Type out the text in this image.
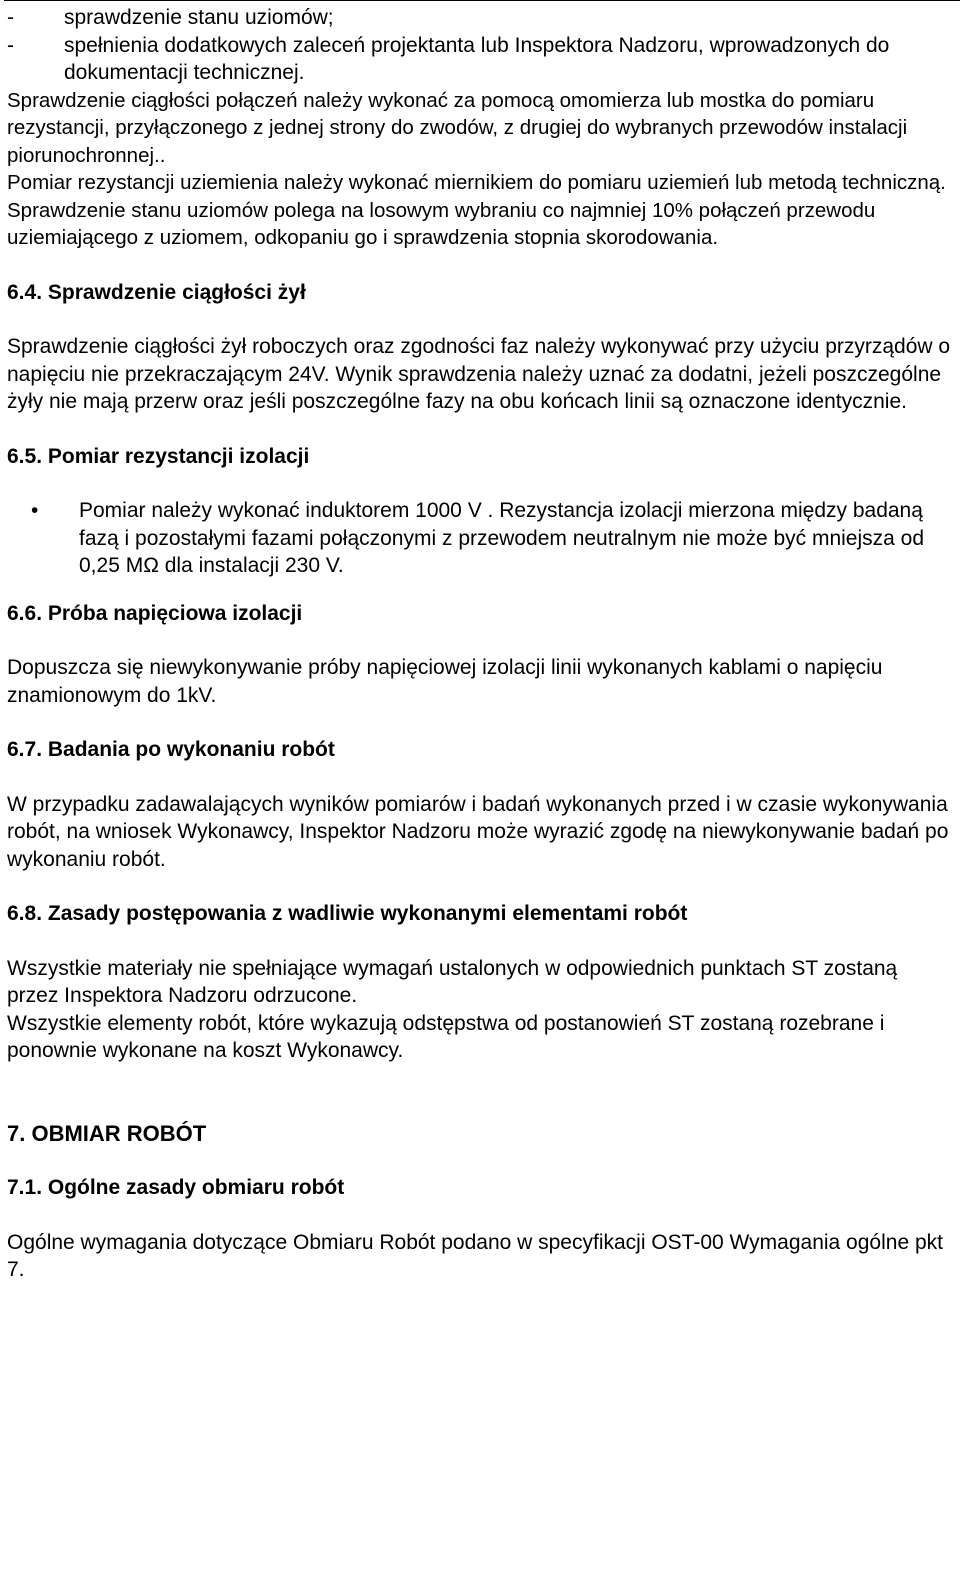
-	sprawdzenie stanu uziomów;
-	spełnienia dodatkowych zaleceń projektanta lub Inspektora Nadzoru, wprowadzonych do dokumentacji technicznej.

Sprawdzenie ciągłości połączeń należy wykonać za pomocą omomierza lub mostka do pomiaru rezystancji, przyłączonego z jednej strony do zwodów, z drugiej do wybranych przewodów instalacji piorunochronnej..

Pomiar rezystancji uziemienia należy wykonać miernikiem do pomiaru uziemień lub metodą techniczną.

Sprawdzenie stanu uziomów polega na losowym wybraniu co najmniej 10% połączeń przewodu uziemiającego z uziomem, odkopaniu go i sprawdzenia stopnia skorodowania.

6.4. Sprawdzenie ciągłości żył

Sprawdzenie ciągłości żył roboczych oraz zgodności faz należy wykonywać przy użyciu przyrządów o napięciu nie przekraczającym 24V. Wynik sprawdzenia należy uznać za dodatni, jeżeli poszczególne żyły nie mają przerw oraz jeśli poszczególne fazy na obu końcach linii są oznaczone identycznie.

6.5. Pomiar rezystancji izolacji
•	Pomiar należy wykonać induktorem 1000 V . Rezystancja izolacji mierzona między badaną fazą i pozostałymi fazami połączonymi z przewodem neutralnym nie może być mniejsza od 0,25 MΩ dla instalacji 230 V.
6.6. Próba napięciowa izolacji

Dopuszcza się niewykonywanie próby napięciowej izolacji linii wykonanych kablami o napięciu znamionowym do 1kV.

6.7. Badania po wykonaniu robót

W przypadku zadawalających wyników pomiarów i badań wykonanych przed i w czasie wykonywania robót, na wniosek Wykonawcy, Inspektor Nadzoru może wyrazić zgodę na niewykonywanie badań po wykonaniu robót.

6.8. Zasady postępowania z wadliwie wykonanymi elementami robót

Wszystkie materiały nie spełniające wymagań ustalonych w odpowiednich punktach ST zostaną przez Inspektora Nadzoru odrzucone.

Wszystkie elementy robót, które wykazują odstępstwa od postanowień ST zostaną rozebrane i ponownie wykonane na koszt Wykonawcy.

7. OBMIAR ROBÓT
7.1. Ogólne zasady obmiaru robót

Ogólne wymagania dotyczące Obmiaru Robót podano w specyfikacji OST-00 Wymagania ogólne pkt 7.
